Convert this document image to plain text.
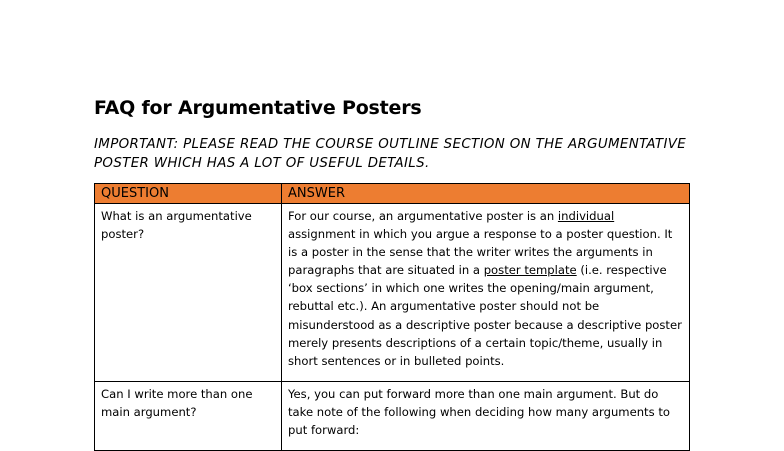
FAQ for Argumentative Posters

IMPORTANT: PLEASE READ THE COURSE OUTLINE SECTION ON THE ARGUMENTATIVE POSTER WHICH HAS A LOT OF USEFUL DETAILS.

QUESTION	ANSWER
What is an argumentative poster?	For our course, an argumentative poster is an individual assignment in which you argue a response to a poster question. It is a poster in the sense that the writer writes the arguments in paragraphs that are situated in a poster template (i.e. respective ‘box sections’ in which one writes the opening/main argument, rebuttal etc.). An argumentative poster should not be misunderstood as a descriptive poster because a descriptive poster merely presents descriptions of a certain topic/theme, usually in short sentences or in bulleted points.
Can I write more than one main argument?	Yes, you can put forward more than one main argument. But do take note of the following when deciding how many arguments to put forward:
